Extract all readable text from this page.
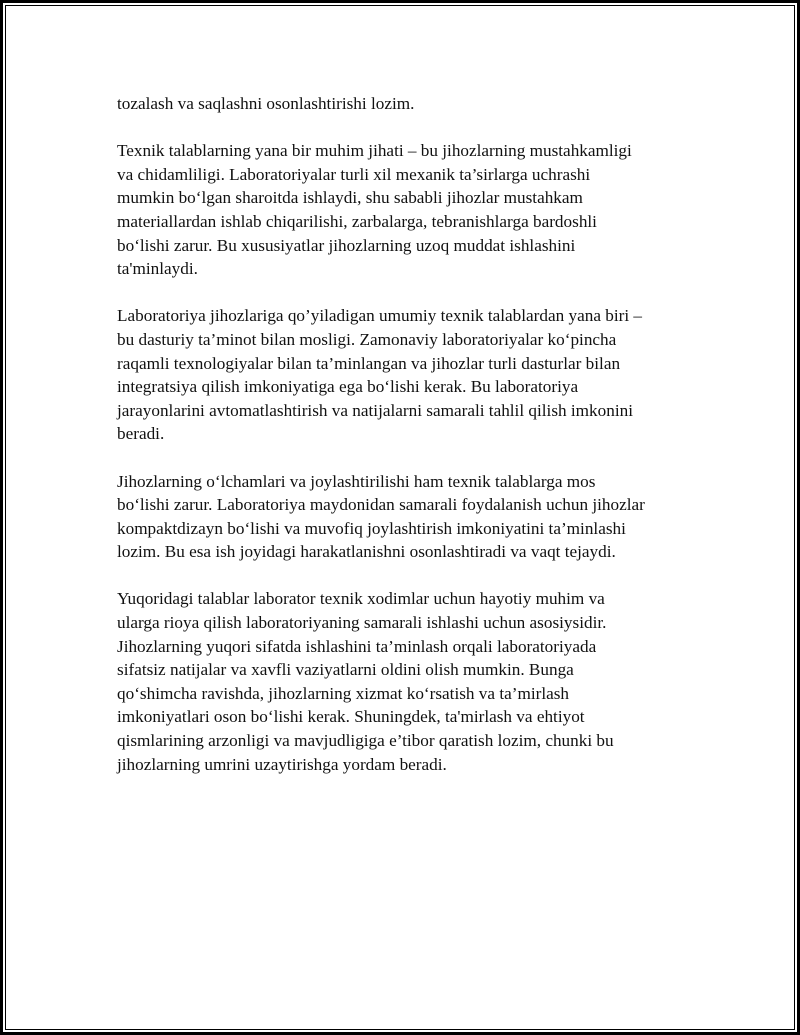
tozalash va saqlashni osonlashtirishi lozim.

Texnik talablarning yana bir muhim jihati – bu jihozlarning mustahkamligi
va chidamliligi. Laboratoriyalar turli xil mexanik ta’sirlarga uchrashi
mumkin bo‘lgan sharoitda ishlaydi, shu sababli jihozlar mustahkam
materiallardan ishlab chiqarilishi, zarbalarga, tebranishlarga bardoshli
bo‘lishi zarur. Bu xususiyatlar jihozlarning uzoq muddat ishlashini
ta'minlaydi.

Laboratoriya jihozlariga qo’yiladigan umumiy texnik talablardan yana biri –
bu dasturiy ta’minot bilan mosligi. Zamonaviy laboratoriyalar ko‘pincha
raqamli texnologiyalar bilan ta’minlangan va jihozlar turli dasturlar bilan
integratsiya qilish imkoniyatiga ega bo‘lishi kerak. Bu laboratoriya
jarayonlarini avtomatlashtirish va natijalarni samarali tahlil qilish imkonini
beradi.

Jihozlarning o‘lchamlari va joylashtirilishi ham texnik talablarga mos
bo‘lishi zarur. Laboratoriya maydonidan samarali foydalanish uchun jihozlar
kompaktdizayn bo‘lishi va muvofiq joylashtirish imkoniyatini ta’minlashi
lozim. Bu esa ish joyidagi harakatlanishni osonlashtiradi va vaqt tejaydi.

Yuqoridagi talablar laborator texnik xodimlar uchun hayotiy muhim va
ularga rioya qilish laboratoriyaning samarali ishlashi uchun asosiysidir.
Jihozlarning yuqori sifatda ishlashini ta’minlash orqali laboratoriyada
sifatsiz natijalar va xavfli vaziyatlarni oldini olish mumkin. Bunga
qo‘shimcha ravishda, jihozlarning xizmat ko‘rsatish va ta’mirlash
imkoniyatlari oson bo‘lishi kerak. Shuningdek, ta'mirlash va ehtiyot
qismlarining arzonligi va mavjudligiga e’tibor qaratish lozim, chunki bu
jihozlarning umrini uzaytirishga yordam beradi.
